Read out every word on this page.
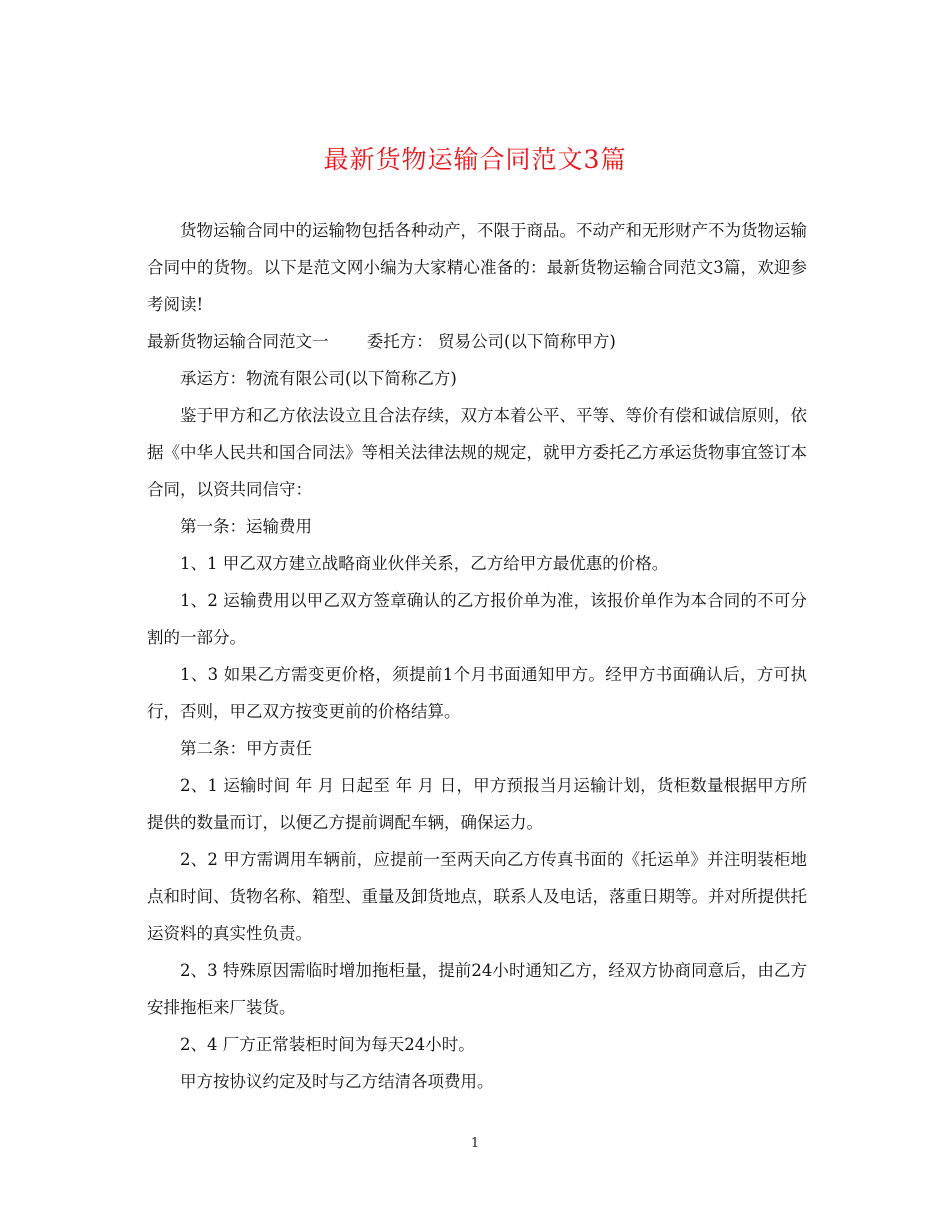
最新货物运输合同范文3篇

货物运输合同中的运输物包括各种动产，不限于商品。不动产和无形财产不为货物运输合同中的货物。以下是范文网小编为大家精心准备的：最新货物运输合同范文3篇，欢迎参考阅读!

最新货物运输合同范文一　　 委托方： 贸易公司(以下简称甲方)

承运方：物流有限公司(以下简称乙方)

鉴于甲方和乙方依法设立且合法存续，双方本着公平、平等、等价有偿和诚信原则，依据《中华人民共和国合同法》等相关法律法规的规定，就甲方委托乙方承运货物事宜签订本合同，以资共同信守：

第一条：运输费用

1、1 甲乙双方建立战略商业伙伴关系，乙方给甲方最优惠的价格。

1、2 运输费用以甲乙双方签章确认的乙方报价单为准，该报价单作为本合同的不可分割的一部分。

1、3 如果乙方需变更价格，须提前1个月书面通知甲方。经甲方书面确认后，方可执行，否则，甲乙双方按变更前的价格结算。

第二条：甲方责任

2、1 运输时间 年 月 日起至 年 月 日，甲方预报当月运输计划，货柜数量根据甲方所提供的数量而订，以便乙方提前调配车辆，确保运力。

2、2 甲方需调用车辆前，应提前一至两天向乙方传真书面的《托运单》并注明装柜地点和时间、货物名称、箱型、重量及卸货地点，联系人及电话，落重日期等。并对所提供托运资料的真实性负责。

2、3 特殊原因需临时增加拖柜量，提前24小时通知乙方，经双方协商同意后，由乙方安排拖柜来厂装货。

2、4 厂方正常装柜时间为每天24小时。

甲方按协议约定及时与乙方结清各项费用。

1
